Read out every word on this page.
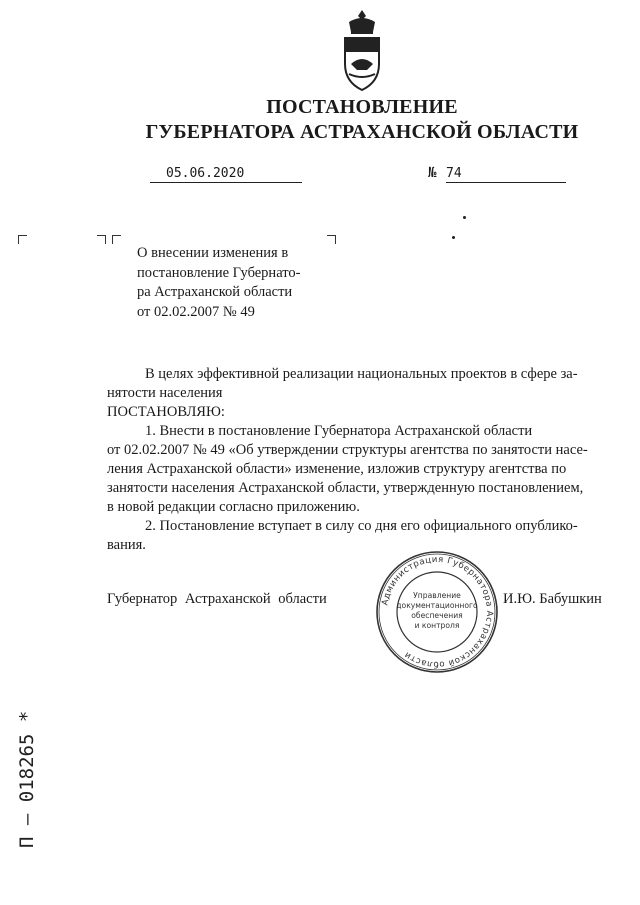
ПОСТАНОВЛЕНИЕ
ГУБЕРНАТОРА АСТРАХАНСКОЙ ОБЛАСТИ
05.06.2020	№ 74
О внесении изменения в
постановление Губернато-
ра Астраханской области
от 02.02.2007 № 49
В целях эффективной реализации национальных проектов в сфере за-
нятости населения
ПОСТАНОВЛЯЮ:
1. Внести в постановление Губернатора Астраханской области
от 02.02.2007 № 49 «Об утверждении структуры агентства по занятости насе-
ления Астраханской области» изменение, изложив структуру агентства по
занятости населения Астраханской области, утвержденную постановлением,
в новой редакции согласно приложению.
2. Постановление вступает в силу со дня его официального опублико-
вания.
Губернатор Астраханской области	И.Ю. Бабушкин
Администрация Губернатора Астраханской области
Управление
документационного
обеспечения
и контроля
П – 018265 *
